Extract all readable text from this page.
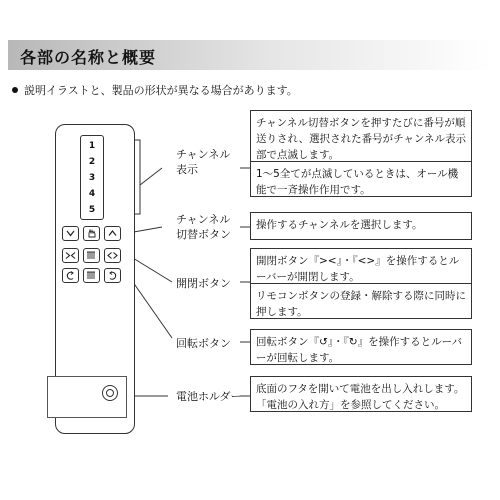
各部の名称と概要
説明イラストと、製品の形状が異なる場合があります。
1
2
3
4
5
チャンネル表示
チャンネル切替ボタン
開閉ボタン
回転ボタン
電池ホルダー
チャンネル切替ボタンを押すたびに番号が順送りされ、選択された番号がチャンネル表示部で点滅します。
1～5全てが点滅しているときは、オール機能で一斉操作作用です。
操作するチャンネルを選択します。
開閉ボタン『><』・『<>』を操作するとルーバーが開閉します。
リモコンボタンの登録・解除する際に同時に押します。
回転ボタン『↺』・『↻』を操作するとルーバーが回転します。
底面のフタを開いて電池を出し入れします。「電池の入れ方」を参照してください。
